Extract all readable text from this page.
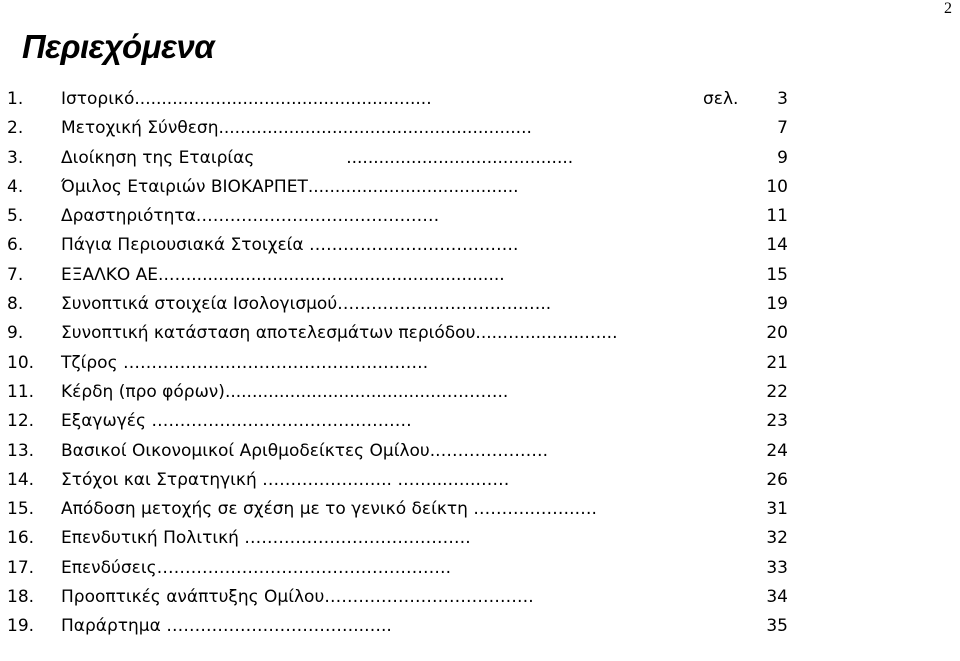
2
Περιεχόμενα
1. Ιστορικό.......................................................	σελ.	3
2. Μετοχική Σύνθεση..........................................................	7
3. Διοίκηση της Εταιρίας                 ..........................................	9
4. Όμιλος Εταιριών ΒΙΟΚΑΡΠΕΤ.......................................	10
5. Δραστηριότητα……………………….……………	11
6. Πάγια Περιουσιακά Στοιχεία ……………………………….	14
7. ΕΞΑΛΚΟ ΑΕ..…...........................................................	15
8. Συνοπτικά στοιχεία Ισολογισμού……………..…………….…..	19
9. Συνοπτική κατάσταση αποτελεσμάτων περιόδου.....…............…...	20
10. Τζίρος ……………….…………………….……….	21
11. Κέρδη (προ φόρων)........................................….……..	22
12. Εξαγωγές …………….…………………………	23
13. Βασικοί Οικονομικοί Αριθμοδείκτες Ομίλου..……………….	24
14. Στόχοι και Στρατηγική ………………….. ……...…..……	26
15. Απόδοση μετοχής σε σχέση με το γενικό δείκτη ………..…….….	31
16. Επενδυτική Πολιτική ………………………………….	32
17. Επενδύσεις…………………………………………….	33
18. Προοπτικές ανάπτυξης Ομίλου……………………………….	34
19. Παράρτημα ……………………………..…..	35
